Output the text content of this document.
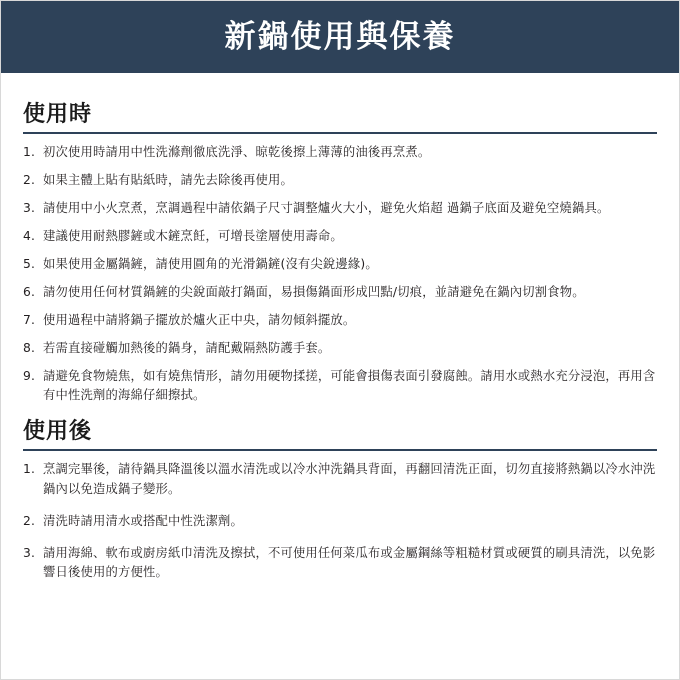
新鍋使用與保養
使用時
1. 初次使用時請用中性洗滌劑徹底洗淨、晾乾後擦上薄薄的油後再烹煮。
2. 如果主體上貼有貼紙時，請先去除後再使用。
3. 請使用中小火烹煮，烹調過程中請依鍋子尺寸調整爐火大小，避免火焰超 過鍋子底面及避免空燒鍋具。
4. 建議使用耐熱膠鏟或木鏟烹飪，可增長塗層使用壽命。
5. 如果使用金屬鍋鏟，請使用圓角的光滑鍋鏟(沒有尖銳邊緣)。
6. 請勿使用任何材質鍋鏟的尖銳面敲打鍋面，易損傷鍋面形成凹點/切痕，並請避免在鍋內切割食物。
7. 使用過程中請將鍋子擺放於爐火正中央，請勿傾斜擺放。
8. 若需直接碰觸加熱後的鍋身，請配戴隔熱防護手套。
9. 請避免食物燒焦，如有燒焦情形，請勿用硬物揉搓，可能會損傷表面引發腐蝕。請用水或熱水充分浸泡，再用含有中性洗劑的海綿仔細擦拭。
使用後
1. 烹調完畢後，請待鍋具降溫後以溫水清洗或以冷水沖洗鍋具背面，再翻回清洗正面，切勿直接將熱鍋以冷水沖洗鍋內以免造成鍋子變形。
2. 清洗時請用清水或搭配中性洗潔劑。
3. 請用海綿、軟布或廚房紙巾清洗及擦拭，不可使用任何菜瓜布或金屬鋼絲等粗糙材質或硬質的刷具清洗，以免影響日後使用的方便性。
